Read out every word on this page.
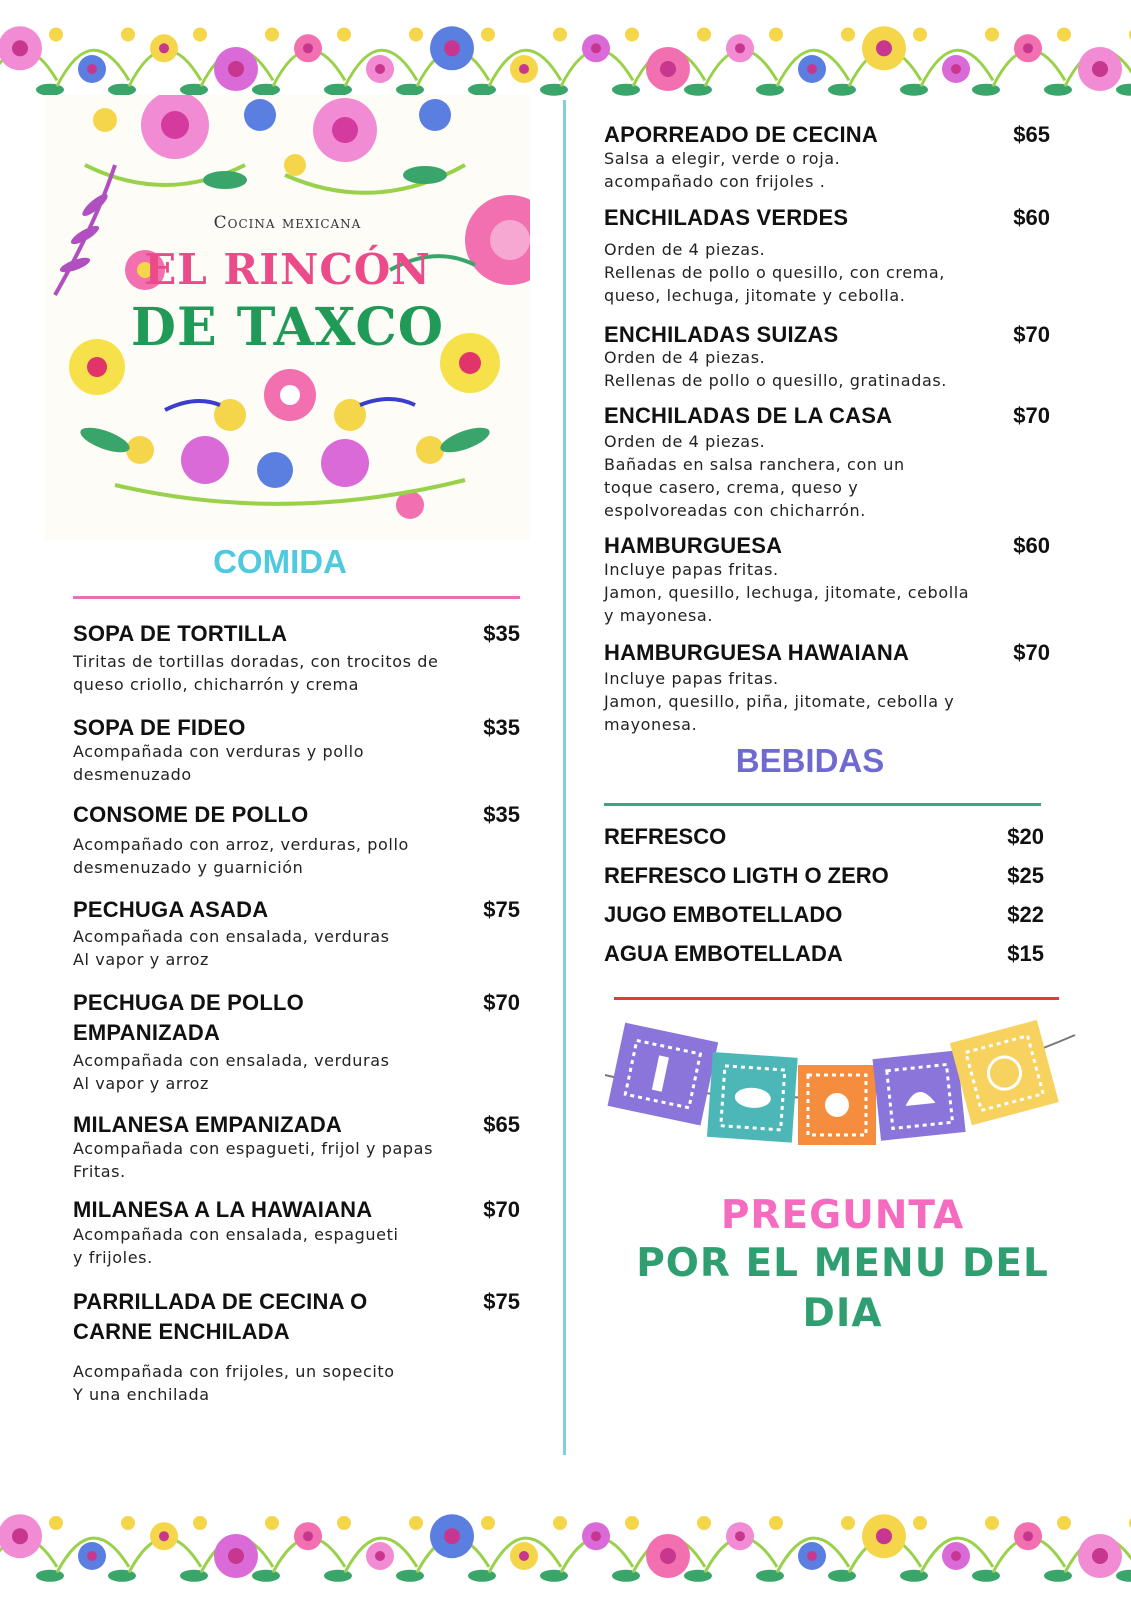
Cocina mexicana
EL RINCÓN
DE TAXCO
COMIDA
SOPA DE TORTILLA	$35
Tiritas de tortillas doradas, con trocitos de
queso criollo, chicharrón y crema
SOPA DE FIDEO	$35
Acompañada con verduras y pollo
desmenuzado
CONSOME DE POLLO	$35
Acompañado con arroz, verduras, pollo
desmenuzado y guarnición
PECHUGA ASADA	$75
Acompañada con ensalada, verduras
Al vapor y arroz
PECHUGA DE POLLO
EMPANIZADA
$70
Acompañada con ensalada, verduras
Al vapor y arroz
MILANESA EMPANIZADA	$65
Acompañada con espagueti, frijol y papas
Fritas.
MILANESA A LA HAWAIANA	$70
Acompañada con ensalada, espagueti
y frijoles.
PARRILLADA DE CECINA O
CARNE ENCHILADA
$75
Acompañada con frijoles, un sopecito
Y una enchilada
APORREADO DE CECINA	$65
Salsa a elegir, verde o roja.
acompañado con frijoles .
ENCHILADAS VERDES	$60
Orden de 4 piezas.
Rellenas de pollo o quesillo, con crema,
queso, lechuga, jitomate y cebolla.
ENCHILADAS SUIZAS	$70
Orden de 4 piezas.
Rellenas de pollo o quesillo, gratinadas.
ENCHILADAS DE LA CASA	$70
Orden de 4 piezas.
Bañadas en salsa ranchera, con un
toque casero, crema, queso y
espolvoreadas con chicharrón.
HAMBURGUESA	$60
Incluye papas fritas.
Jamon, quesillo, lechuga, jitomate, cebolla
y mayonesa.
HAMBURGUESA HAWAIANA	$70
Incluye papas fritas.
Jamon, quesillo, piña, jitomate, cebolla y
mayonesa.
BEBIDAS
REFRESCO	$20
REFRESCO LIGTH O ZERO	$25
JUGO EMBOTELLADO	$22
AGUA EMBOTELLADA	$15
PREGUNTA
POR EL MENU DEL
DIA
